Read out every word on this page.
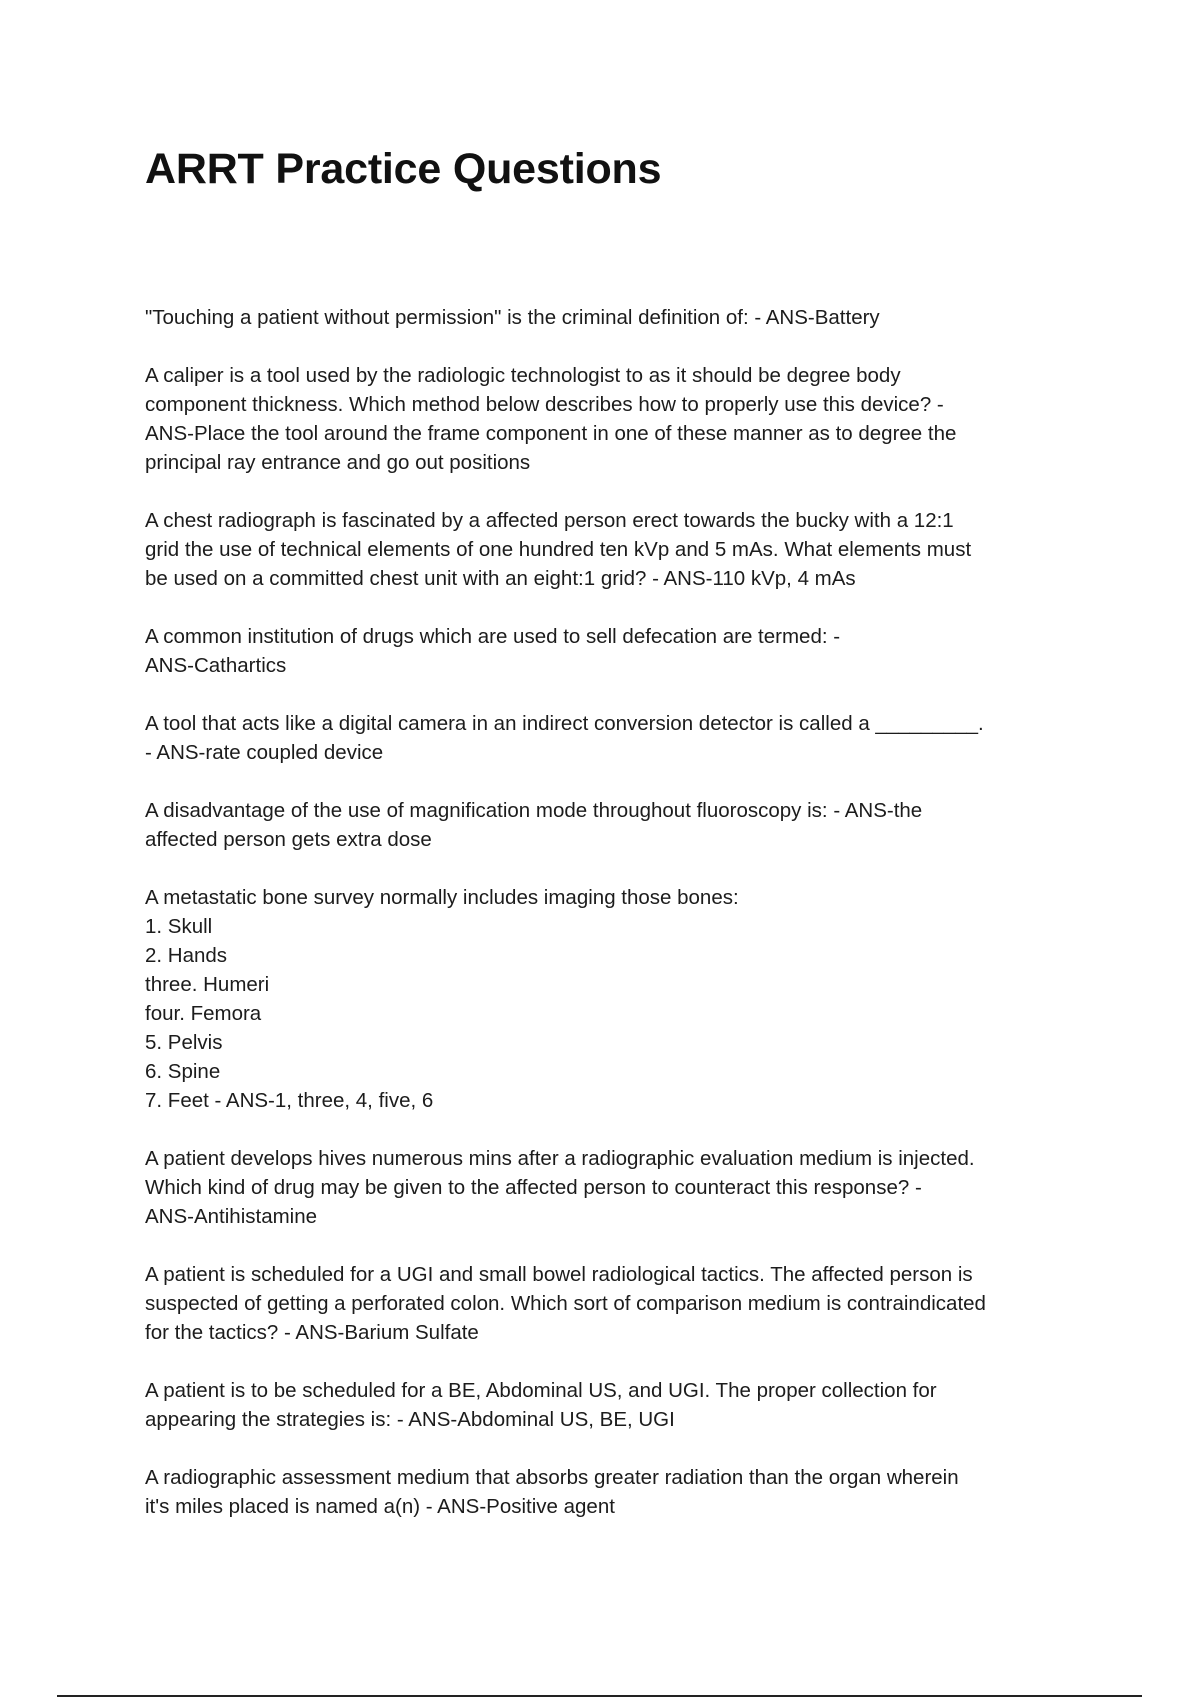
ARRT Practice Questions
"Touching a patient without permission" is the criminal definition of: - ANS-Battery
A caliper is a tool used by the radiologic technologist to as it should be degree body
component thickness. Which method below describes how to properly use this device? -
ANS-Place the tool around the frame component in one of these manner as to degree the
principal ray entrance and go out positions
A chest radiograph is fascinated by a affected person erect towards the bucky with a 12:1
grid the use of technical elements of one hundred ten kVp and 5 mAs. What elements must
be used on a committed chest unit with an eight:1 grid? - ANS-110 kVp, 4 mAs
A common institution of drugs which are used to sell defecation are termed: -
ANS-Cathartics
A tool that acts like a digital camera in an indirect conversion detector is called a _________.
- ANS-rate coupled device
A disadvantage of the use of magnification mode throughout fluoroscopy is: - ANS-the
affected person gets extra dose
A metastatic bone survey normally includes imaging those bones:
1. Skull
2. Hands
three. Humeri
four. Femora
5. Pelvis
6. Spine
7. Feet - ANS-1, three, 4, five, 6
A patient develops hives numerous mins after a radiographic evaluation medium is injected.
Which kind of drug may be given to the affected person to counteract this response? -
ANS-Antihistamine
A patient is scheduled for a UGI and small bowel radiological tactics. The affected person is
suspected of getting a perforated colon. Which sort of comparison medium is contraindicated
for the tactics? - ANS-Barium Sulfate
A patient is to be scheduled for a BE, Abdominal US, and UGI. The proper collection for
appearing the strategies is: - ANS-Abdominal US, BE, UGI
A radiographic assessment medium that absorbs greater radiation than the organ wherein
it's miles placed is named a(n) - ANS-Positive agent
